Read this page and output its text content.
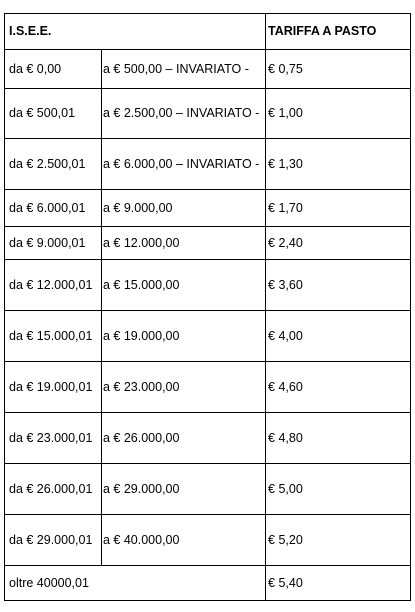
I.S.E.E.		TARIFFA A PASTO
da € 0,00	a € 500,00 – INVARIATO -	€ 0,75
da € 500,01	a € 2.500,00 – INVARIATO -	€ 1,00
da € 2.500,01	a € 6.000,00 – INVARIATO -	€ 1,30
da € 6.000,01	a € 9.000,00	€ 1,70
da € 9.000,01	a € 12.000,00	€ 2,40
da € 12.000,01	a € 15.000,00	€ 3,60
da € 15.000,01	a € 19.000,00	€ 4,00
da € 19.000,01	a € 23.000,00	€ 4,60
da € 23.000,01	a € 26.000,00	€ 4,80
da € 26.000,01	a € 29.000,00	€ 5,00
da € 29.000,01	a € 40.000,00	€ 5,20
oltre 40000,01		€ 5,40
